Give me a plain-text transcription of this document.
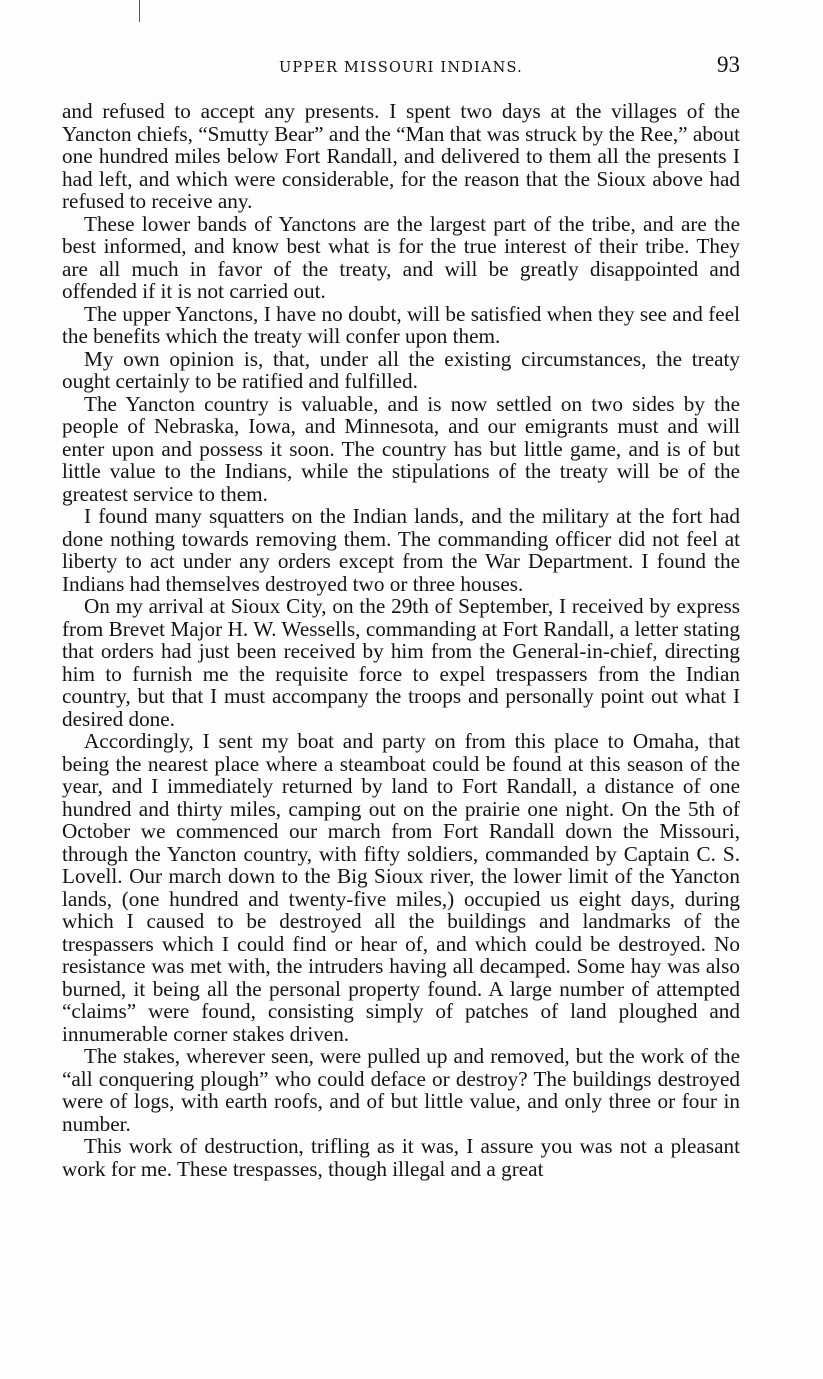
UPPER MISSOURI INDIANS.	93

and refused to accept any presents. I spent two days at the villages of the Yancton chiefs, “Smutty Bear” and the “Man that was struck by the Ree,” about one hundred miles below Fort Randall, and delivered to them all the presents I had left, and which were considerable, for the reason that the Sioux above had refused to receive any.

These lower bands of Yanctons are the largest part of the tribe, and are the best informed, and know best what is for the true interest of their tribe. They are all much in favor of the treaty, and will be greatly disappointed and offended if it is not carried out.

The upper Yanctons, I have no doubt, will be satisfied when they see and feel the benefits which the treaty will confer upon them.

My own opinion is, that, under all the existing circumstances, the treaty ought certainly to be ratified and fulfilled.

The Yancton country is valuable, and is now settled on two sides by the people of Nebraska, Iowa, and Minnesota, and our emigrants must and will enter upon and possess it soon. The country has but little game, and is of but little value to the Indians, while the stipulations of the treaty will be of the greatest service to them.

I found many squatters on the Indian lands, and the military at the fort had done nothing towards removing them. The commanding officer did not feel at liberty to act under any orders except from the War Department. I found the Indians had themselves destroyed two or three houses.

On my arrival at Sioux City, on the 29th of September, I received by express from Brevet Major H. W. Wessells, commanding at Fort Randall, a letter stating that orders had just been received by him from the General-in-chief, directing him to furnish me the requisite force to expel trespassers from the Indian country, but that I must accompany the troops and personally point out what I desired done.

Accordingly, I sent my boat and party on from this place to Omaha, that being the nearest place where a steamboat could be found at this season of the year, and I immediately returned by land to Fort Randall, a distance of one hundred and thirty miles, camping out on the prairie one night. On the 5th of October we commenced our march from Fort Randall down the Missouri, through the Yancton country, with fifty soldiers, commanded by Captain C. S. Lovell. Our march down to the Big Sioux river, the lower limit of the Yancton lands, (one hundred and twenty-five miles,) occupied us eight days, during which I caused to be destroyed all the buildings and landmarks of the trespassers which I could find or hear of, and which could be destroyed. No resistance was met with, the intruders having all decamped. Some hay was also burned, it being all the personal property found. A large number of attempted “claims” were found, consisting simply of patches of land ploughed and innumerable corner stakes driven.

The stakes, wherever seen, were pulled up and removed, but the work of the “all conquering plough” who could deface or destroy? The buildings destroyed were of logs, with earth roofs, and of but little value, and only three or four in number.

This work of destruction, trifling as it was, I assure you was not a pleasant work for me. These trespasses, though illegal and a great
